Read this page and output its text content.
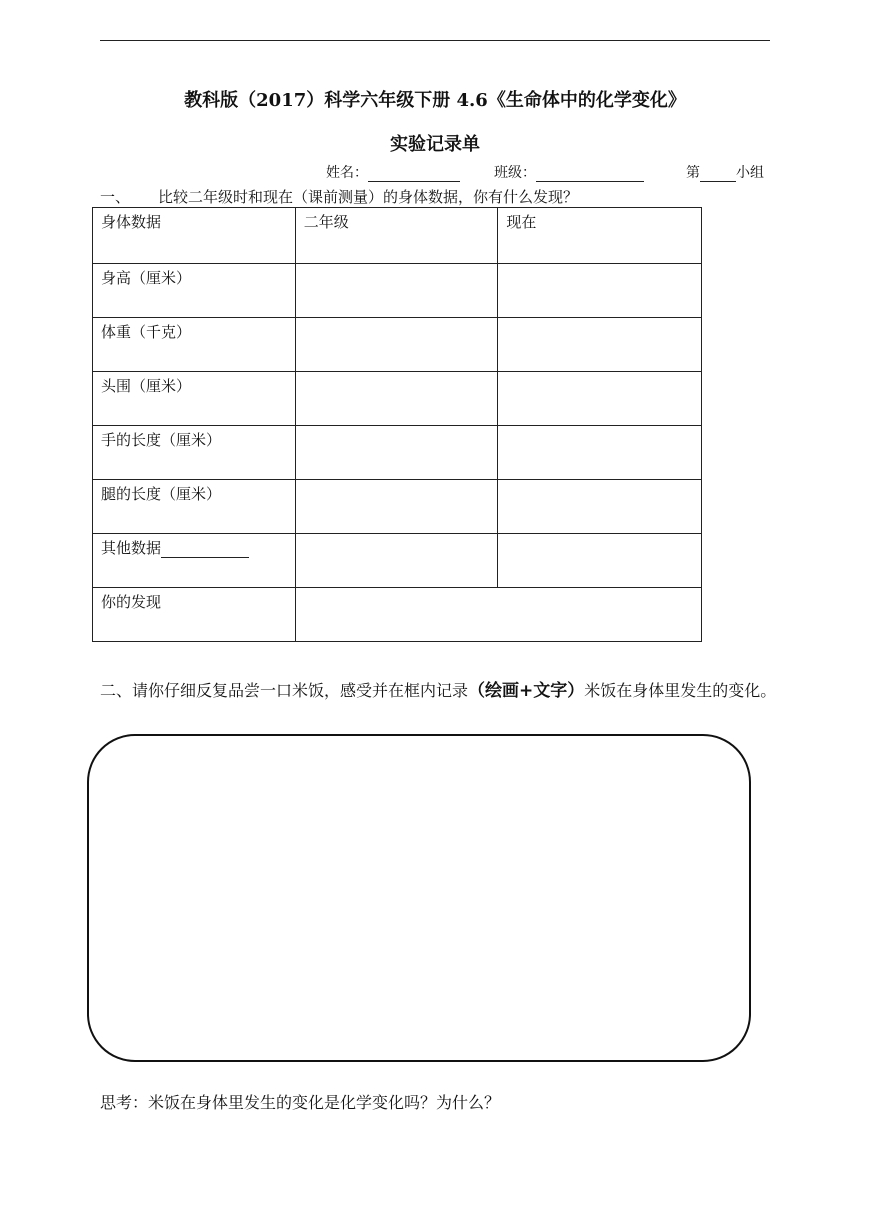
教科版（2017）科学六年级下册 4.6《生命体中的化学变化》
实验记录单
姓名：	班级：	第	小组
一、 比较二年级时和现在（课前测量）的身体数据，你有什么发现？
身体数据	二年级	现在
身高（厘米）		
体重（千克）		
头围（厘米）		
手的长度（厘米）		
腿的长度（厘米）		
其他数据		
你的发现		
二、请你仔细反复品尝一口米饭，感受并在框内记录（绘画+文字）米饭在身体里发生的变化。
思考：米饭在身体里发生的变化是化学变化吗？为什么？
